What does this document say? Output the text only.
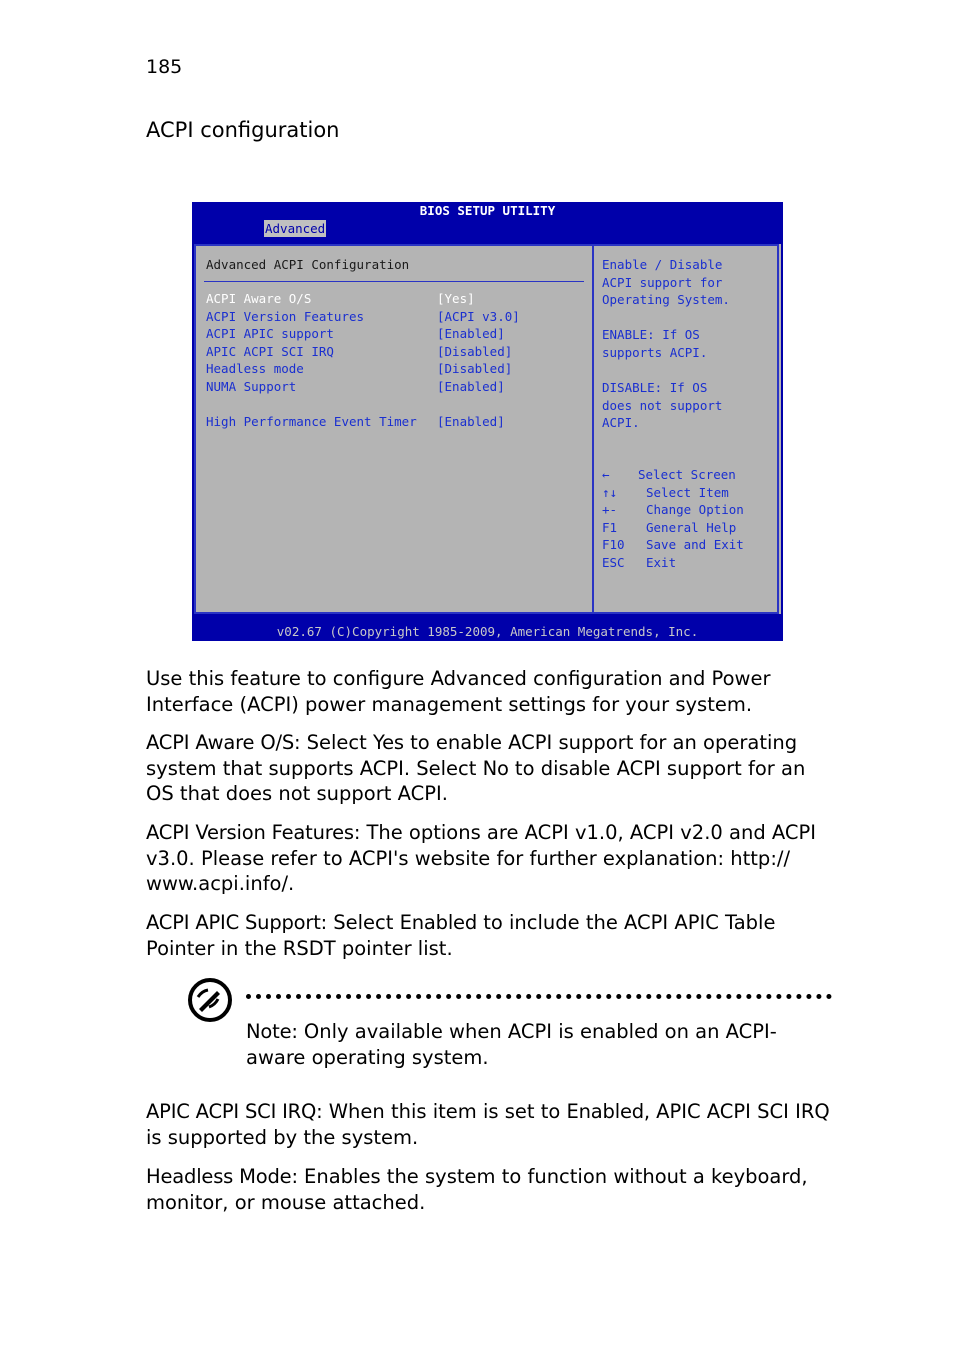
185
ACPI configuration
BIOS SETUP UTILITY
Advanced
Advanced ACPI Configuration
ACPI Aware O/S	[Yes]
ACPI Version Features	[ACPI v3.0]
ACPI APIC support	[Enabled]
APIC ACPI SCI IRQ	[Disabled]
Headless mode	[Disabled]
NUMA Support	[Enabled]
High Performance Event Timer [Enabled]
Enable / Disable
ACPI support for
Operating System.
ENABLE: If OS
supports ACPI.
DISABLE: If OS
does not support
ACPI.
← Select Screen
↑↓ Select Item
+- Change Option
F1 General Help
F10 Save and Exit
ESC Exit
v02.67 (C)Copyright 1985-2009, American Megatrends, Inc.

Use this feature to configure Advanced configuration and Power Interface (ACPI) power management settings for your system.

ACPI Aware O/S: Select Yes to enable ACPI support for an operating system that supports ACPI. Select No to disable ACPI support for an OS that does not support ACPI.

ACPI Version Features: The options are ACPI v1.0, ACPI v2.0 and ACPI v3.0. Please refer to ACPI's website for further explanation: http://
www.acpi.info/.

ACPI APIC Support: Select Enabled to include the ACPI APIC Table Pointer in the RSDT pointer list.

Note: Only available when ACPI is enabled on an ACPI-
aware operating system.

APIC ACPI SCI IRQ: When this item is set to Enabled, APIC ACPI SCI IRQ is supported by the system.

Headless Mode: Enables the system to function without a keyboard, monitor, or mouse attached.
